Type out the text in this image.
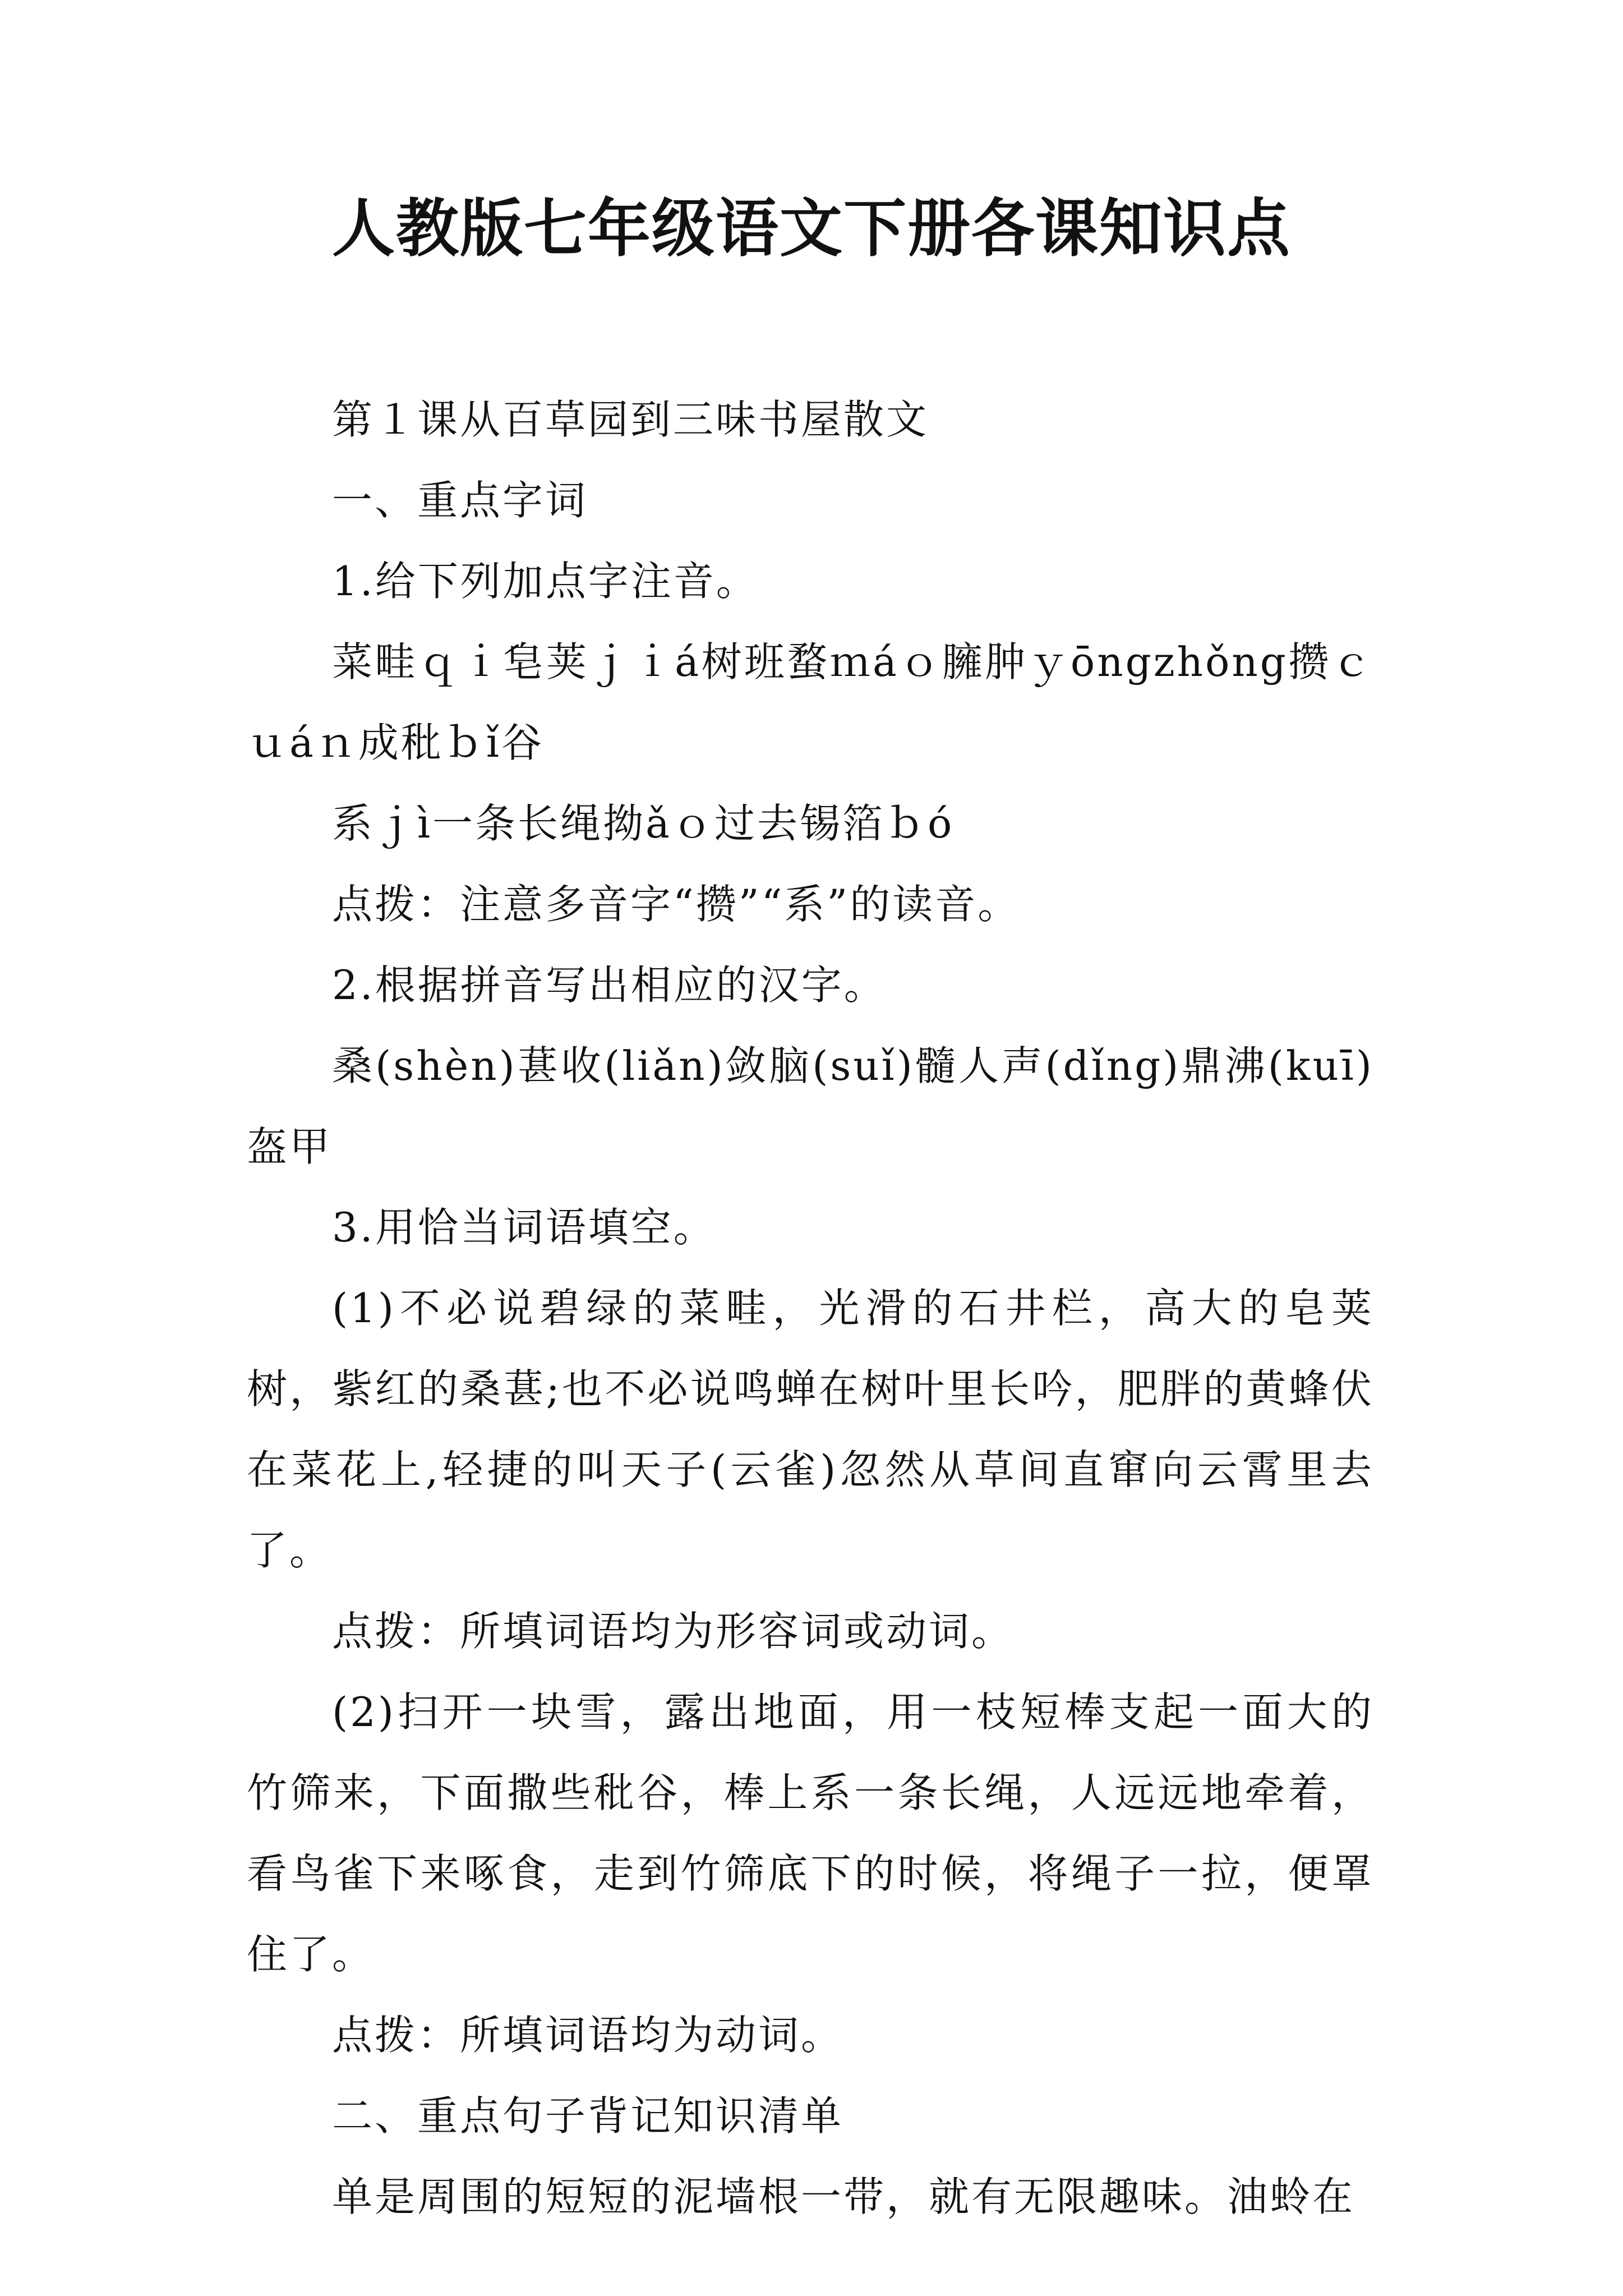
人教版七年级语文下册各课知识点

第１课从百草园到三味书屋散文

一、重点字词

1.给下列加点字注音。

菜畦ｑｉ́皂荚ｊｉá树班蝥ｍáｏ臃肿ｙōngzhǒng攒ｃｕáｎ成秕ｂǐ谷

系ｊì一条长绳拗ǎｏ过去锡箔ｂó

点拨：注意多音字“攒”“系”的读音。

2.根据拼音写出相应的汉字。

桑(shèn)葚收(liǎn)敛脑(suǐ)髓人声(dǐng)鼎沸(kuī)盔甲

3.用恰当词语填空。

(1)不必说碧绿的菜畦，光滑的石井栏，高大的皂荚树，紫红的桑葚;也不必说鸣蝉在树叶里长吟，肥胖的黄蜂伏在菜花上,轻捷的叫天子(云雀)忽然从草间直窜向云霄里去了。

点拨：所填词语均为形容词或动词。

(2)扫开一块雪，露出地面，用一枝短棒支起一面大的竹筛来，下面撒些秕谷，棒上系一条长绳，人远远地牵着，看鸟雀下来啄食，走到竹筛底下的时候，将绳子一拉，便罩住了。

点拨：所填词语均为动词。

二、重点句子背记知识清单

单是周围的短短的泥墙根一带，就有无限趣味。油蛉在
